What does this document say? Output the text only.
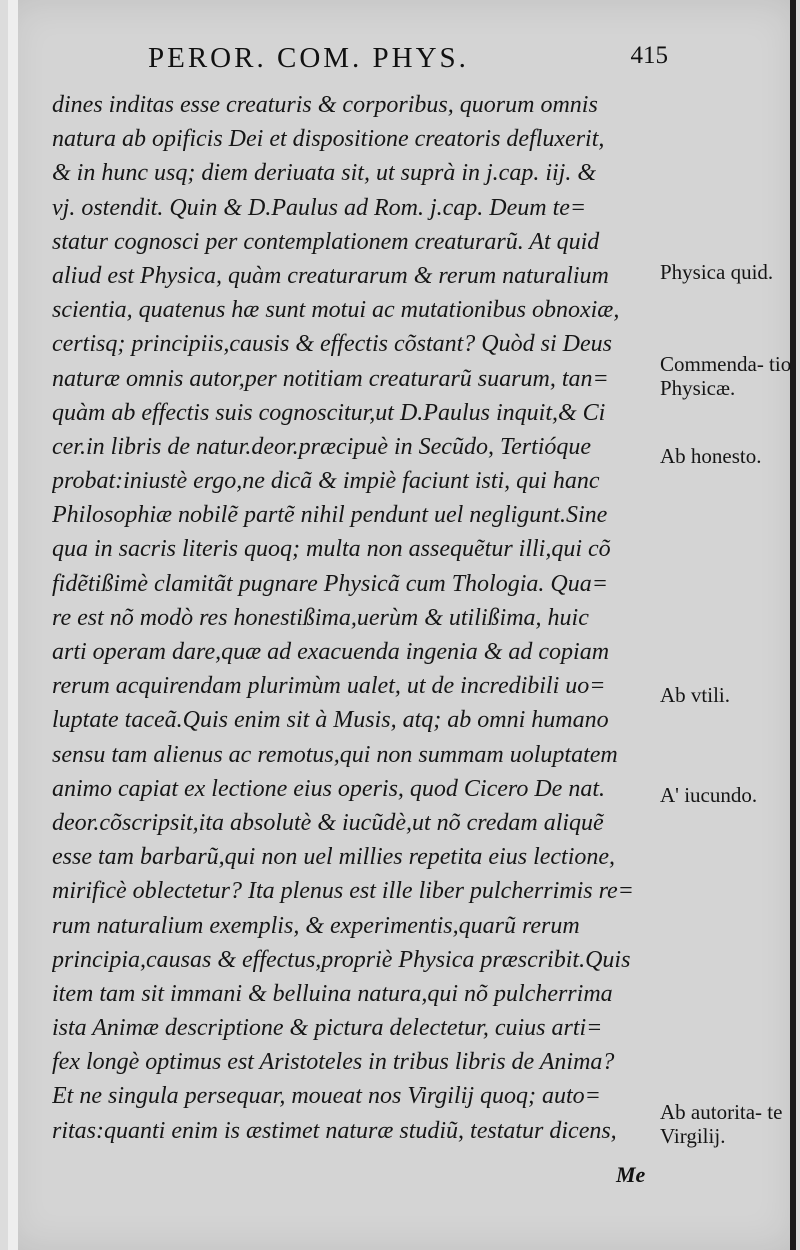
PEROR. COM. PHYS.	415
dines inditas esse creaturis & corporibus, quorum omnis
natura ab opificis Dei et dispositione creatoris defluxerit,
& in hunc usq; diem deriuata sit, ut suprà in j.cap. iij. &
vj. ostendit. Quin & D.Paulus ad Rom. j.cap. Deum te=
statur cognosci per contemplationem creaturarũ. At quid
aliud est Physica, quàm creaturarum & rerum naturalium
scientia, quatenus hæ sunt motui ac mutationibus obnoxiæ,
certisq; principiis,causis & effectis cõstant? Quòd si Deus
naturæ omnis autor,per notitiam creaturarũ suarum, tan=
quàm ab effectis suis cognoscitur,ut D.Paulus inquit,& Ci
cer.in libris de natur.deor.præcipuè in Secũdo, Tertióque
probat:iniustè ergo,ne dicã & impiè faciunt isti, qui hanc
Philosophiæ nobilẽ partẽ nihil pendunt uel negligunt.Sine
qua in sacris literis quoq; multa non assequẽtur illi,qui cõ
fidẽtißimè clamitãt pugnare Physicã cum Thologia. Qua=
re est nõ modò res honestißima,uerùm & utilißima, huic
arti operam dare,quæ ad exacuenda ingenia & ad copiam
rerum acquirendam plurimùm ualet, ut de incredibili uo=
luptate taceã.Quis enim sit à Musis, atq; ab omni humano
sensu tam alienus ac remotus,qui non summam uoluptatem
animo capiat ex lectione eius operis, quod Cicero De nat.
deor.cõscripsit,ita absolutè & iucũdè,ut nõ credam aliquẽ
esse tam barbarũ,qui non uel millies repetita eius lectione,
mirificè oblectetur? Ita plenus est ille liber pulcherrimis re=
rum naturalium exemplis, & experimentis,quarũ rerum
principia,causas & effectus,propriè Physica præscribit.Quis
item tam sit immani & belluina natura,qui nõ pulcherrima
ista Animæ descriptione & pictura delectetur, cuius arti=
fex longè optimus est Aristoteles in tribus libris de Anima?
Et ne singula persequar, moueat nos Virgilij quoq; auto=
ritas:quanti enim is æstimet naturæ studiũ, testatur dicens,
Physica quid.
Commenda- tio Physicæ.
Ab honesto.
Ab vtili.
A' iucundo.
Ab autorita- te Virgilij.
Me
